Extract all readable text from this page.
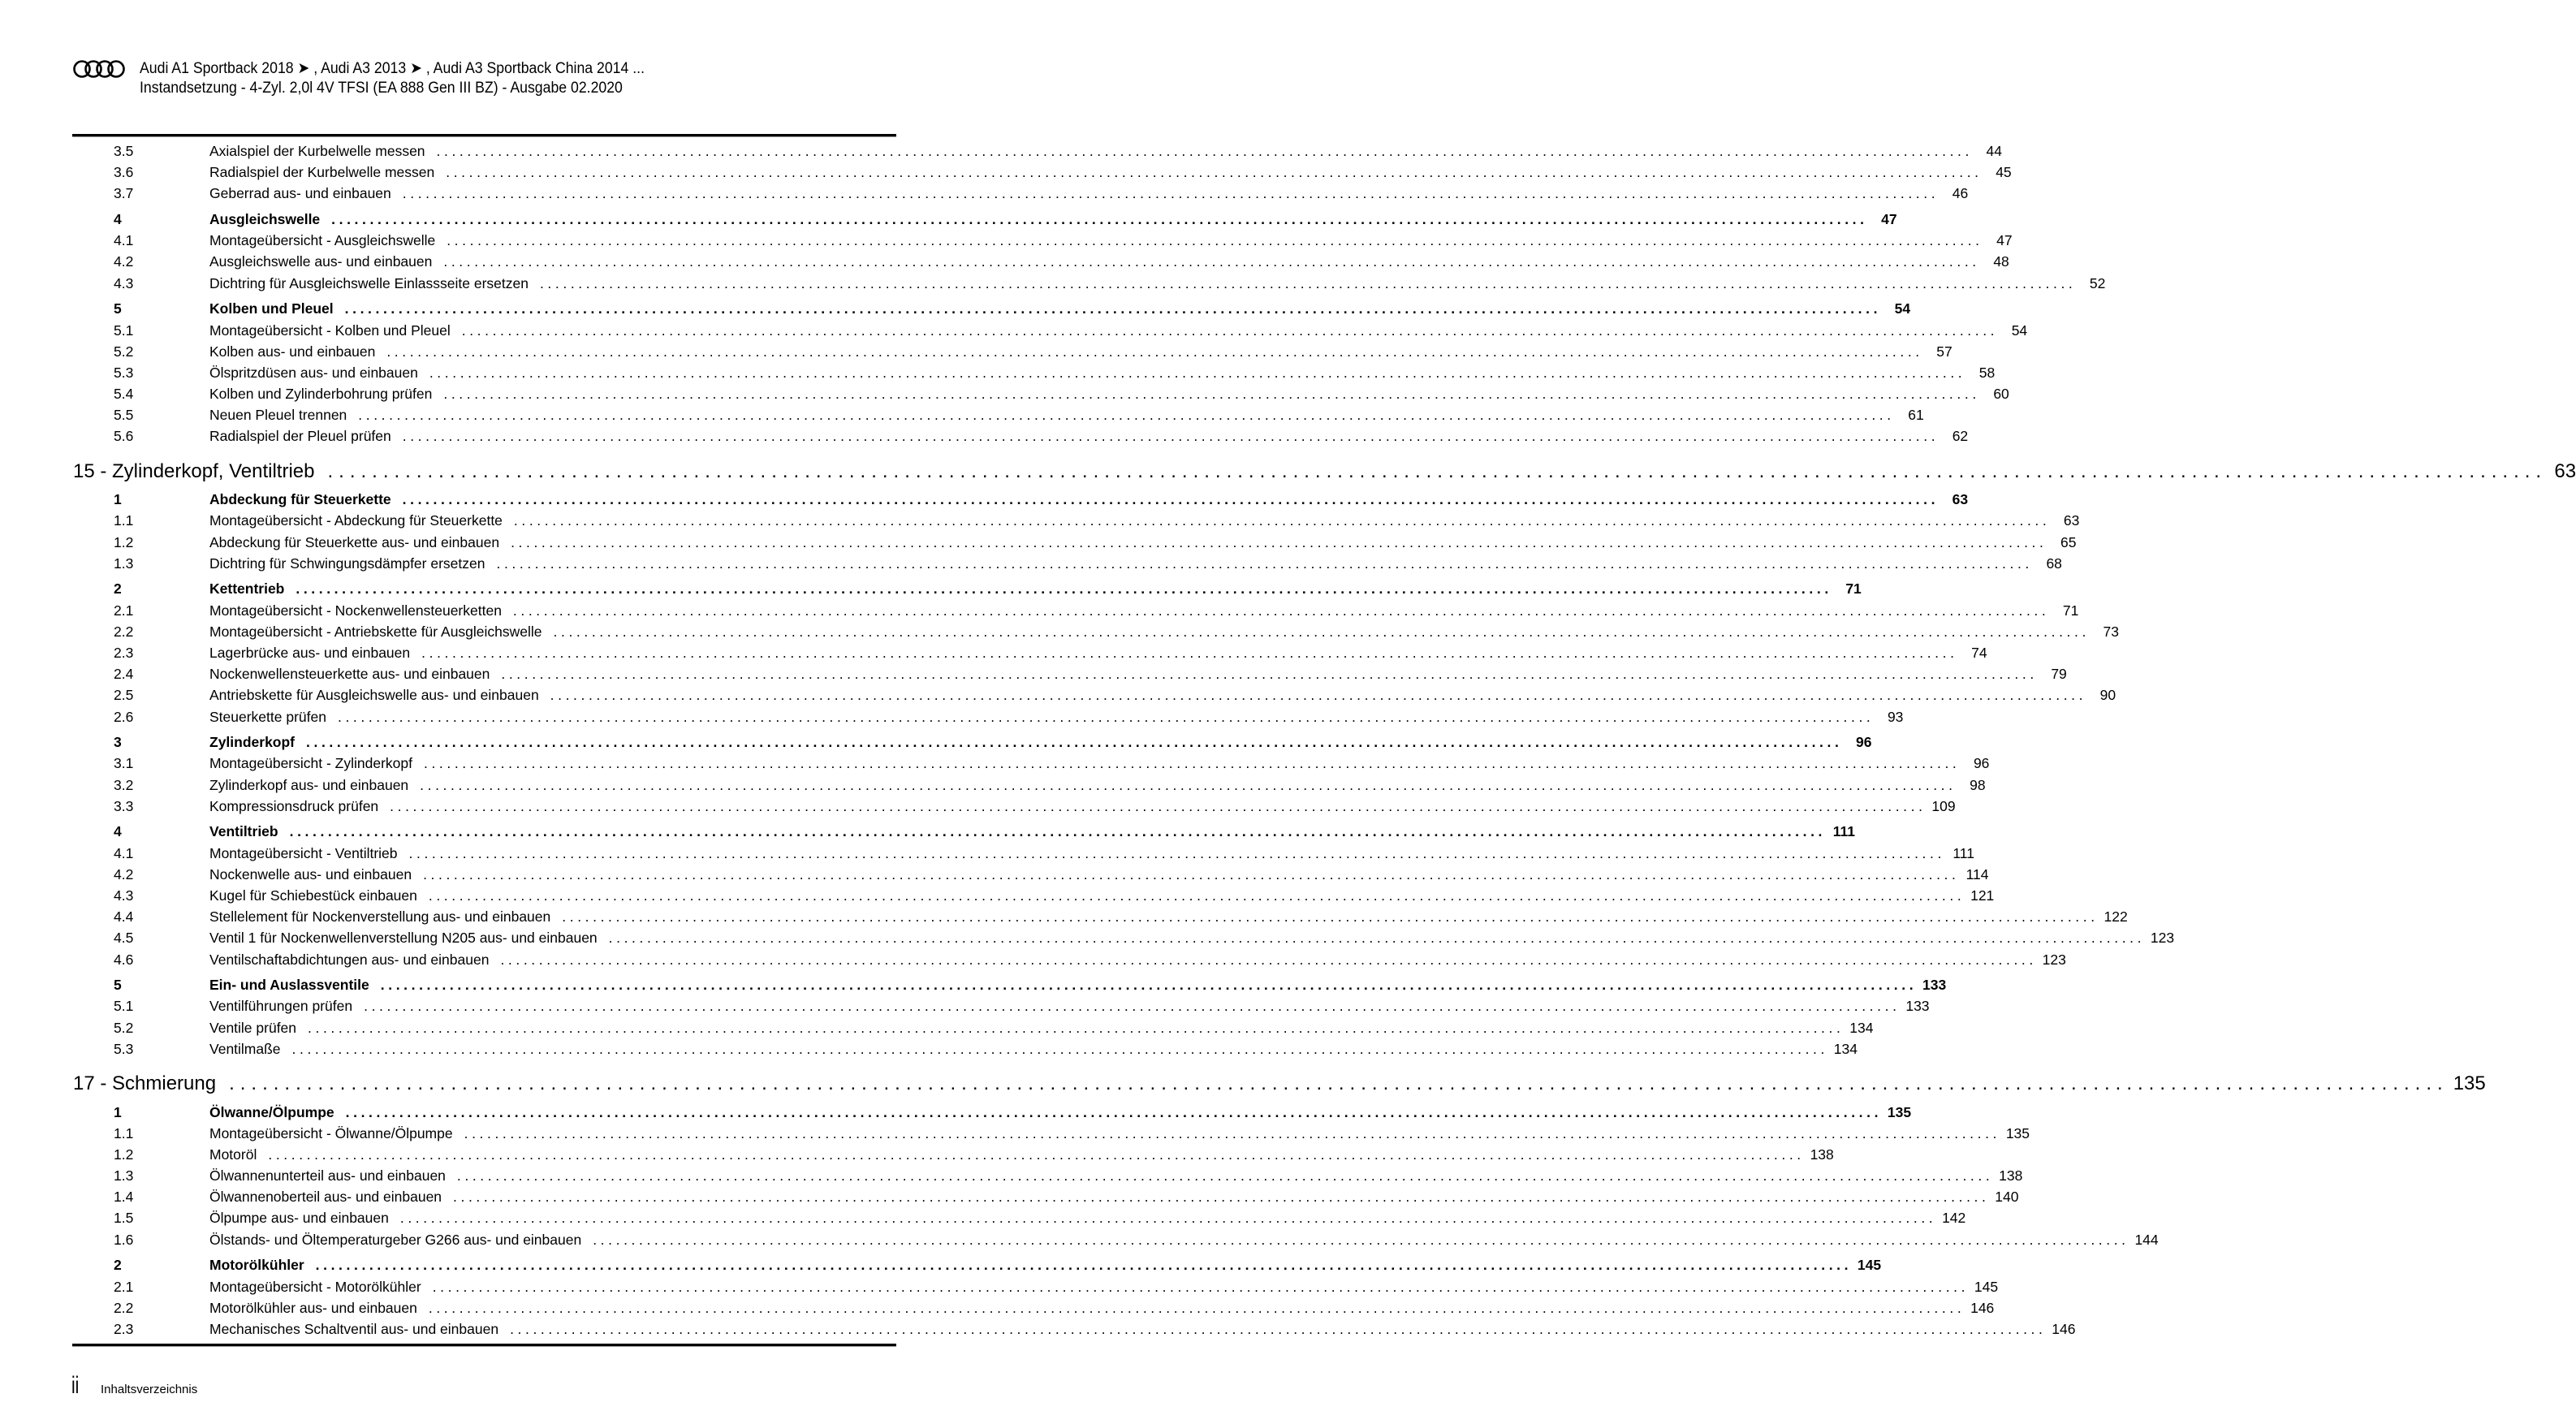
Audi A1 Sportback 2018 ➤ , Audi A3 2013 ➤ , Audi A3 Sportback China 2014 ...
Instandsetzung - 4-Zyl. 2,0l 4V TFSI (EA 888 Gen III BZ) - Ausgabe 02.2020
3.5	Axialspiel der Kurbelwelle messen ........................................................................................................................................................................................................ 44
3.6	Radialspiel der Kurbelwelle messen ........................................................................................................................................................................................................ 45
3.7	Geberrad aus- und einbauen ........................................................................................................................................................................................................ 46
4	Ausgleichswelle ........................................................................................................................................................................................................ 47
4.1	Montageübersicht - Ausgleichswelle ........................................................................................................................................................................................................ 47
4.2	Ausgleichswelle aus- und einbauen ........................................................................................................................................................................................................ 48
4.3	Dichtring für Ausgleichswelle Einlassseite ersetzen ........................................................................................................................................................................................................ 52
5	Kolben und Pleuel ........................................................................................................................................................................................................ 54
5.1	Montageübersicht - Kolben und Pleuel ........................................................................................................................................................................................................ 54
5.2	Kolben aus- und einbauen ........................................................................................................................................................................................................ 57
5.3	Ölspritzdüsen aus- und einbauen ........................................................................................................................................................................................................ 58
5.4	Kolben und Zylinderbohrung prüfen ........................................................................................................................................................................................................ 60
5.5	Neuen Pleuel trennen ........................................................................................................................................................................................................ 61
5.6	Radialspiel der Pleuel prüfen ........................................................................................................................................................................................................ 62
15 - Zylinderkopf, Ventiltrieb ........................................................................................................................................................................................................ 63
1	Abdeckung für Steuerkette ........................................................................................................................................................................................................ 63
1.1	Montageübersicht - Abdeckung für Steuerkette ........................................................................................................................................................................................................ 63
1.2	Abdeckung für Steuerkette aus- und einbauen ........................................................................................................................................................................................................ 65
1.3	Dichtring für Schwingungsdämpfer ersetzen ........................................................................................................................................................................................................ 68
2	Kettentrieb ........................................................................................................................................................................................................ 71
2.1	Montageübersicht - Nockenwellensteuerketten ........................................................................................................................................................................................................ 71
2.2	Montageübersicht - Antriebskette für Ausgleichswelle ........................................................................................................................................................................................................ 73
2.3	Lagerbrücke aus- und einbauen ........................................................................................................................................................................................................ 74
2.4	Nockenwellensteuerkette aus- und einbauen ........................................................................................................................................................................................................ 79
2.5	Antriebskette für Ausgleichswelle aus- und einbauen ........................................................................................................................................................................................................ 90
2.6	Steuerkette prüfen ........................................................................................................................................................................................................ 93
3	Zylinderkopf ........................................................................................................................................................................................................ 96
3.1	Montageübersicht - Zylinderkopf ........................................................................................................................................................................................................ 96
3.2	Zylinderkopf aus- und einbauen ........................................................................................................................................................................................................ 98
3.3	Kompressionsdruck prüfen ........................................................................................................................................................................................................ 109
4	Ventiltrieb ........................................................................................................................................................................................................ 111
4.1	Montageübersicht - Ventiltrieb ........................................................................................................................................................................................................ 111
4.2	Nockenwelle aus- und einbauen ........................................................................................................................................................................................................ 114
4.3	Kugel für Schiebestück einbauen ........................................................................................................................................................................................................ 121
4.4	Stellelement für Nockenverstellung aus- und einbauen ........................................................................................................................................................................................................ 122
4.5	Ventil 1 für Nockenwellenverstellung N205 aus- und einbauen ........................................................................................................................................................................................................ 123
4.6	Ventilschaftabdichtungen aus- und einbauen ........................................................................................................................................................................................................ 123
5	Ein- und Auslassventile ........................................................................................................................................................................................................ 133
5.1	Ventilführungen prüfen ........................................................................................................................................................................................................ 133
5.2	Ventile prüfen ........................................................................................................................................................................................................ 134
5.3	Ventilmaße ........................................................................................................................................................................................................ 134
17 - Schmierung ........................................................................................................................................................................................................ 135
1	Ölwanne/Ölpumpe ........................................................................................................................................................................................................ 135
1.1	Montageübersicht - Ölwanne/Ölpumpe ........................................................................................................................................................................................................ 135
1.2	Motoröl ........................................................................................................................................................................................................ 138
1.3	Ölwannenunterteil aus- und einbauen ........................................................................................................................................................................................................ 138
1.4	Ölwannenoberteil aus- und einbauen ........................................................................................................................................................................................................ 140
1.5	Ölpumpe aus- und einbauen ........................................................................................................................................................................................................ 142
1.6	Ölstands- und Öltemperaturgeber G266 aus- und einbauen ........................................................................................................................................................................................................ 144
2	Motorölkühler ........................................................................................................................................................................................................ 145
2.1	Montageübersicht - Motorölkühler ........................................................................................................................................................................................................ 145
2.2	Motorölkühler aus- und einbauen ........................................................................................................................................................................................................ 146
2.3	Mechanisches Schaltventil aus- und einbauen ........................................................................................................................................................................................................ 146
ii Inhaltsverzeichnis
